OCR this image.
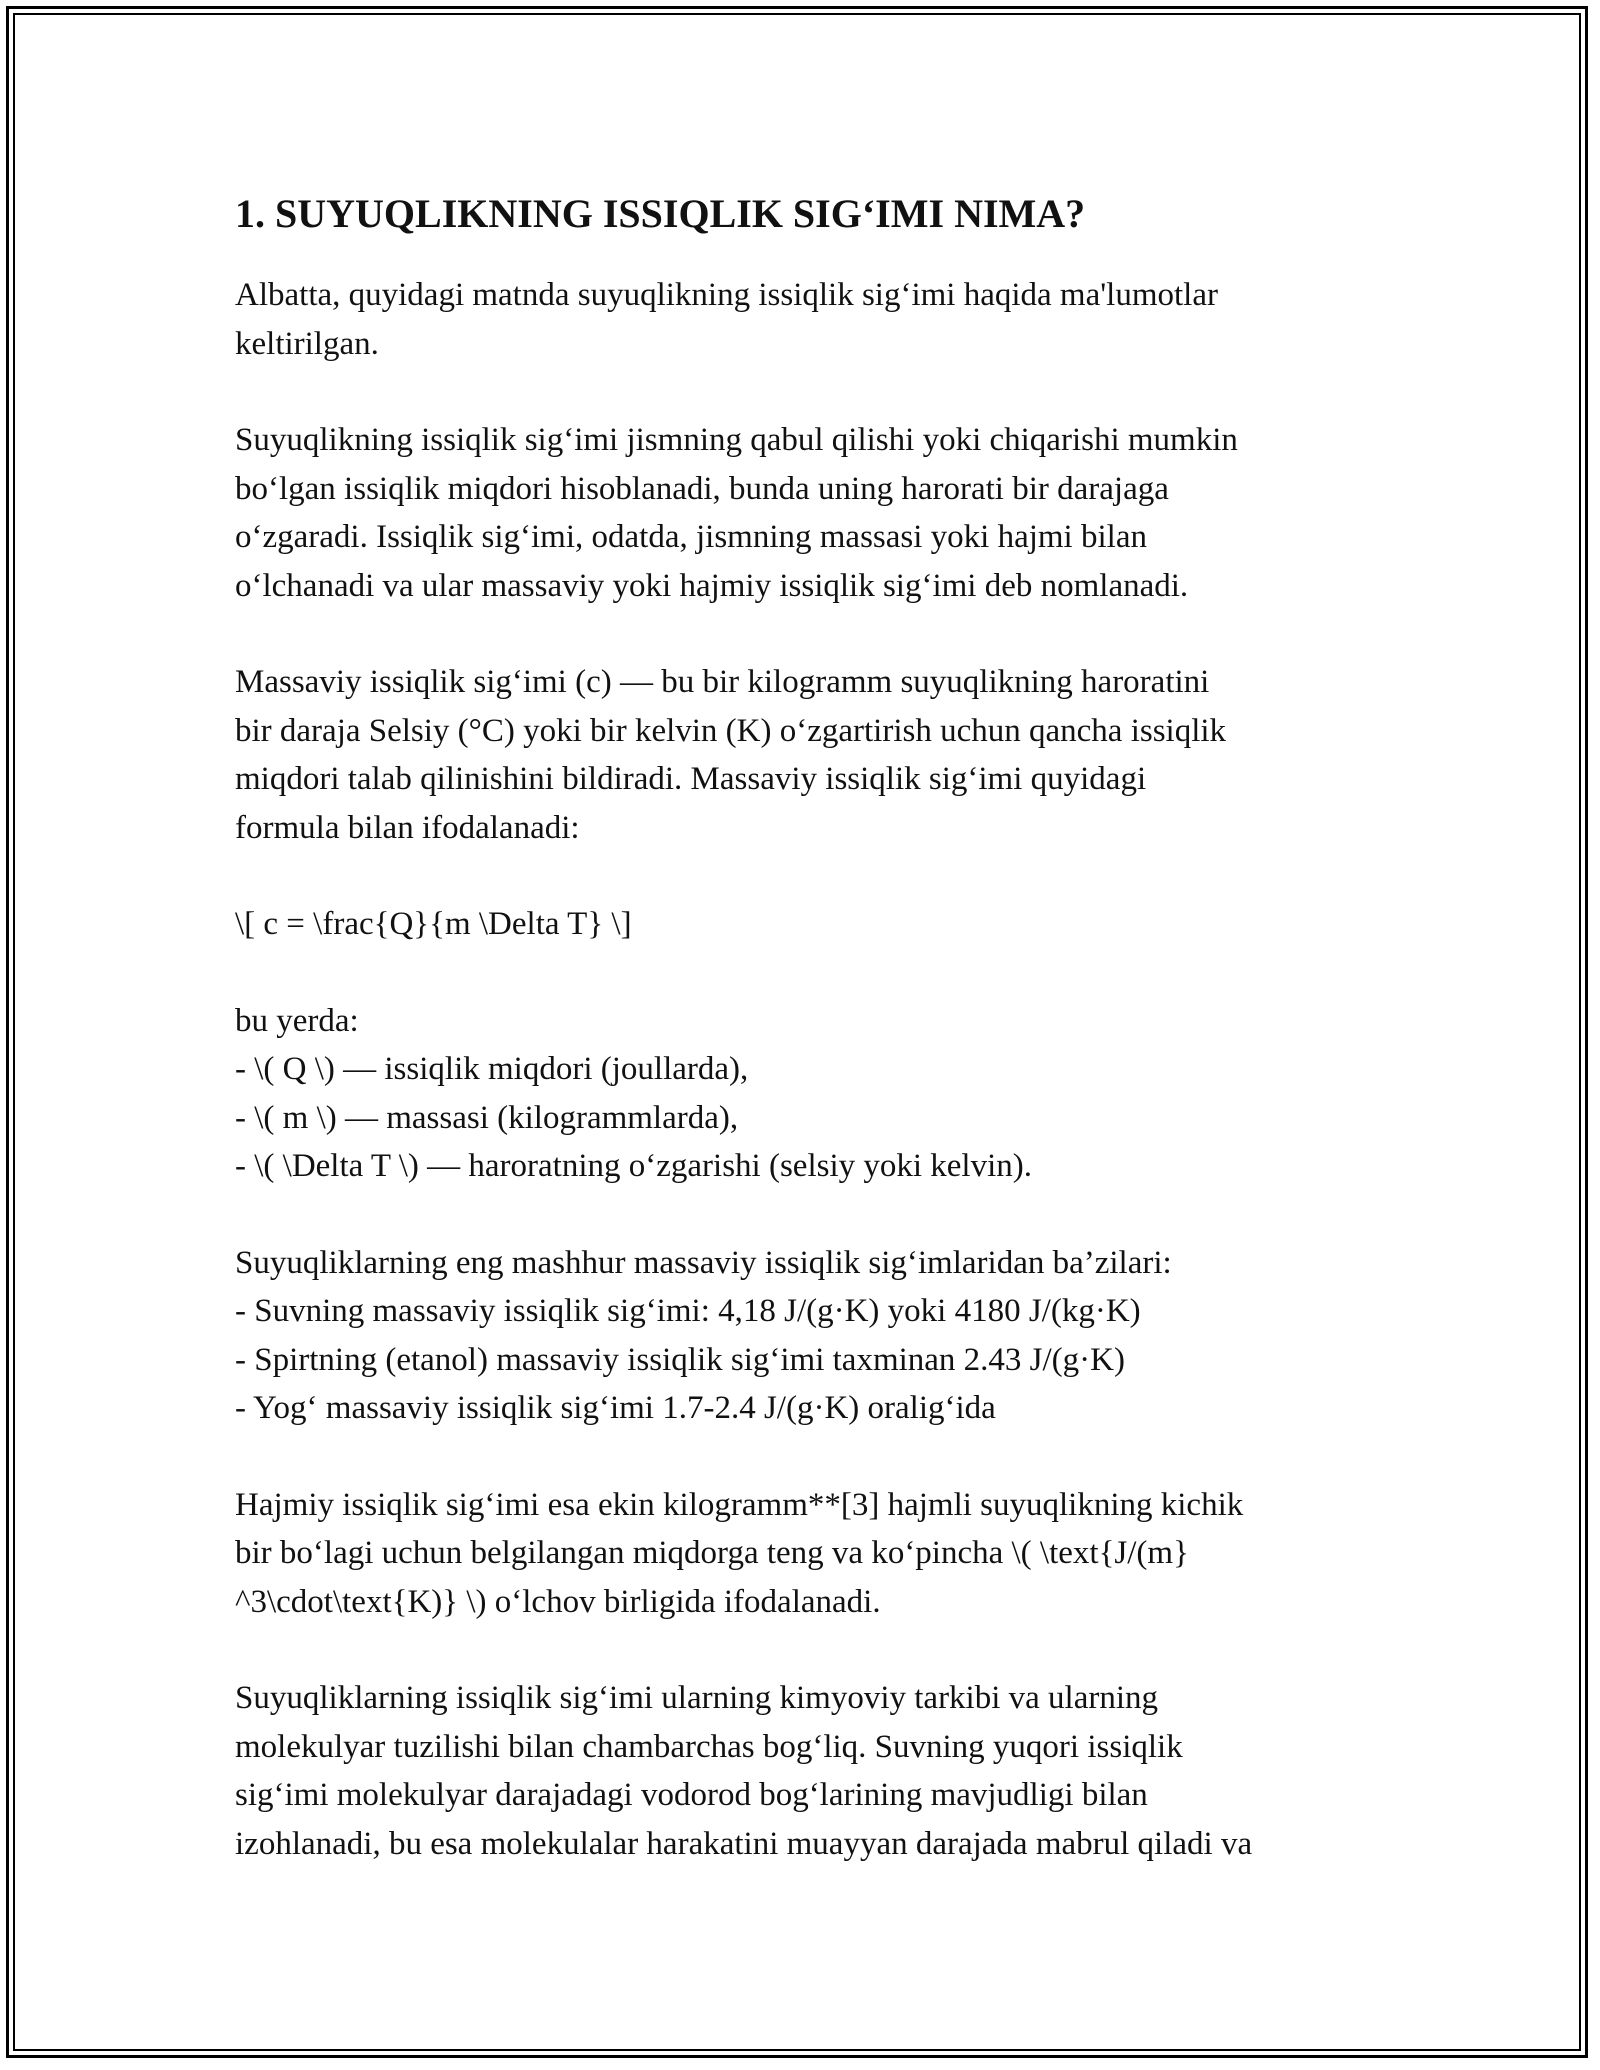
1. SUYUQLIKNING ISSIQLIK SIG‘IMI NIMA?

Albatta, quyidagi matnda suyuqlikning issiqlik sig‘imi haqida ma'lumotlar
keltirilgan.

Suyuqlikning issiqlik sig‘imi jismning qabul qilishi yoki chiqarishi mumkin
bo‘lgan issiqlik miqdori hisoblanadi, bunda uning harorati bir darajaga
o‘zgaradi. Issiqlik sig‘imi, odatda, jismning massasi yoki hajmi bilan
o‘lchanadi va ular massaviy yoki hajmiy issiqlik sig‘imi deb nomlanadi.

Massaviy issiqlik sig‘imi (c) — bu bir kilogramm suyuqlikning haroratini
bir daraja Selsiy (°C) yoki bir kelvin (K) o‘zgartirish uchun qancha issiqlik
miqdori talab qilinishini bildiradi. Massaviy issiqlik sig‘imi quyidagi
formula bilan ifodalanadi:

\[ c = \frac{Q}{m \Delta T} \]

bu yerda:
- \( Q \) — issiqlik miqdori (joullarda),
- \( m \) — massasi (kilogrammlarda),
- \( \Delta T \) — haroratning o‘zgarishi (selsiy yoki kelvin).

Suyuqliklarning eng mashhur massaviy issiqlik sig‘imlaridan ba’zilari:
- Suvning massaviy issiqlik sig‘imi: 4,18 J/(g·K) yoki 4180 J/(kg·K)
- Spirtning (etanol) massaviy issiqlik sig‘imi taxminan 2.43 J/(g·K)
- Yog‘ massaviy issiqlik sig‘imi 1.7-2.4 J/(g·K) oralig‘ida

Hajmiy issiqlik sig‘imi esa ekin kilogramm**[3] hajmli suyuqlikning kichik
bir bo‘lagi uchun belgilangan miqdorga teng va ko‘pincha \( \text{J/(m}
^3\cdot\text{K)} \) o‘lchov birligida ifodalanadi.

Suyuqliklarning issiqlik sig‘imi ularning kimyoviy tarkibi va ularning
molekulyar tuzilishi bilan chambarchas bog‘liq. Suvning yuqori issiqlik
sig‘imi molekulyar darajadagi vodorod bog‘larining mavjudligi bilan
izohlanadi, bu esa molekulalar harakatini muayyan darajada mabrul qiladi va
